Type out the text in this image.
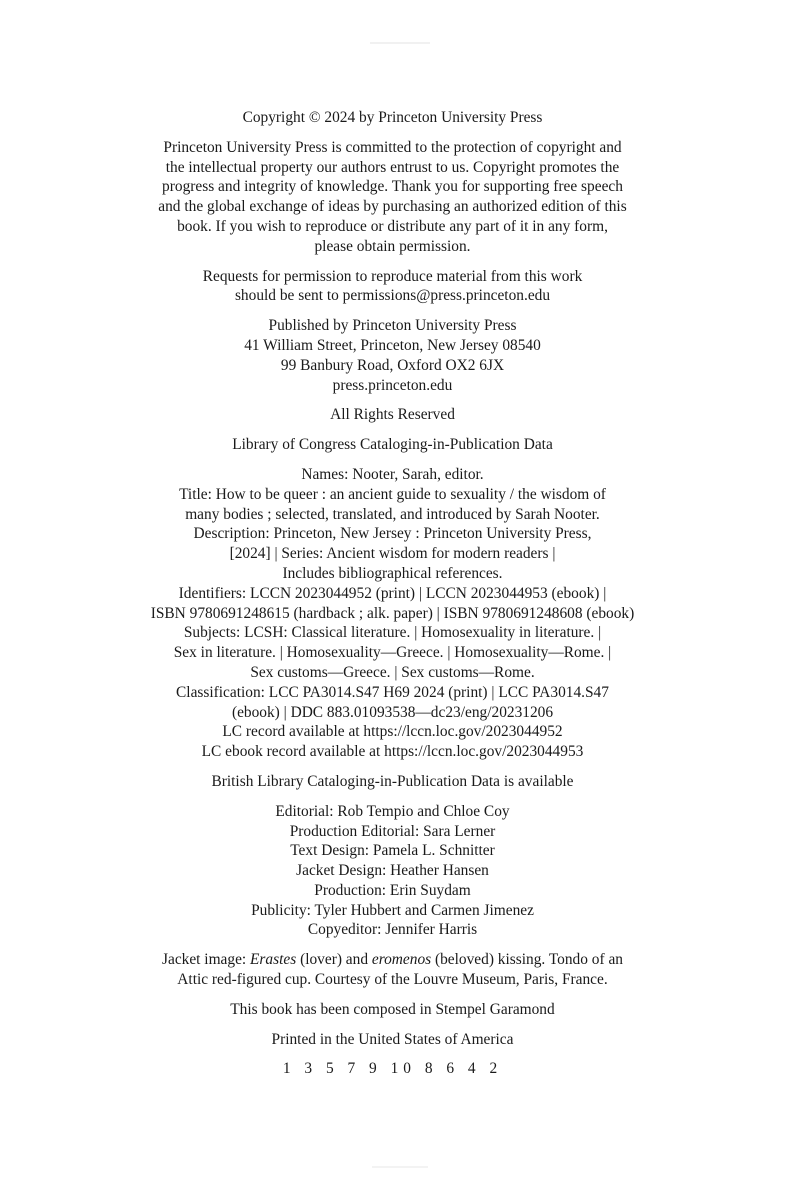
Copyright © 2024 by Princeton University Press
Princeton University Press is committed to the protection of copyright and
the intellectual property our authors entrust to us. Copyright promotes the
progress and integrity of knowledge. Thank you for supporting free speech
and the global exchange of ideas by purchasing an authorized edition of this
book. If you wish to reproduce or distribute any part of it in any form,
please obtain permission.
Requests for permission to reproduce material from this work
should be sent to permissions@press.princeton.edu
Published by Princeton University Press
41 William Street, Princeton, New Jersey 08540
99 Banbury Road, Oxford OX2 6JX
press.princeton.edu
All Rights Reserved
Library of Congress Cataloging-in-Publication Data
Names: Nooter, Sarah, editor.
Title: How to be queer : an ancient guide to sexuality / the wisdom of
many bodies ; selected, translated, and introduced by Sarah Nooter.
Description: Princeton, New Jersey : Princeton University Press,
[2024] | Series: Ancient wisdom for modern readers |
Includes bibliographical references.
Identifiers: LCCN 2023044952 (print) | LCCN 2023044953 (ebook) |
ISBN 9780691248615 (hardback ; alk. paper) | ISBN 9780691248608 (ebook)
Subjects: LCSH: Classical literature. | Homosexuality in literature. |
Sex in literature. | Homosexuality—Greece. | Homosexuality—Rome. |
Sex customs—Greece. | Sex customs—Rome.
Classification: LCC PA3014.S47 H69 2024 (print) | LCC PA3014.S47
(ebook) | DDC 883.01093538—dc23/eng/20231206
LC record available at https://lccn.loc.gov/2023044952
LC ebook record available at https://lccn.loc.gov/2023044953
British Library Cataloging-in-Publication Data is available
Editorial: Rob Tempio and Chloe Coy
Production Editorial: Sara Lerner
Text Design: Pamela L. Schnitter
Jacket Design: Heather Hansen
Production: Erin Suydam
Publicity: Tyler Hubbert and Carmen Jimenez
Copyeditor: Jennifer Harris
Jacket image: Erastes (lover) and eromenos (beloved) kissing. Tondo of an
Attic red-figured cup. Courtesy of the Louvre Museum, Paris, France.
This book has been composed in Stempel Garamond
Printed in the United States of America
1 3 5 7 9 10 8 6 4 2
